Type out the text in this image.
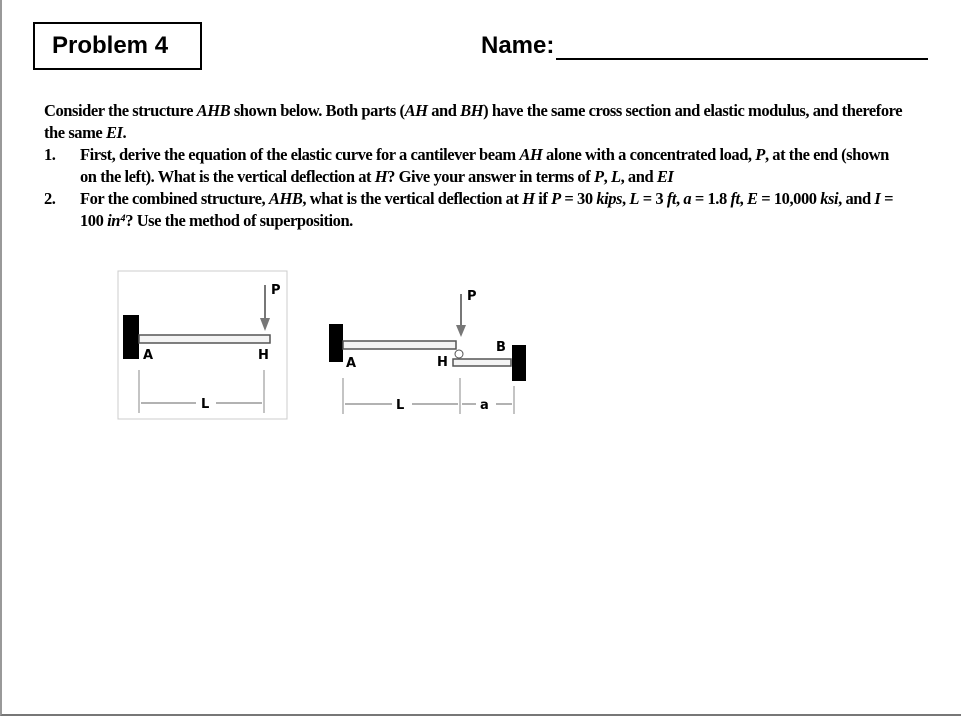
Problem 4	Name:

Consider the structure AHB shown below. Both parts (AH and BH) have the same cross section and elastic modulus, and therefore the same EI.

1.	First, derive the equation of the elastic curve for a cantilever beam AH alone with a concentrated load, P, at the end (shown on the left). What is the vertical deflection at H? Give your answer in terms of P, L, and EI
2.	For the combined structure, AHB, what is the vertical deflection at H if P = 30 kips, L = 3 ft, a = 1.8 ft, E = 10,000 ksi, and I = 100 in⁴? Use the method of superposition.
P
A	H
L
P
A	H
B
L	a
